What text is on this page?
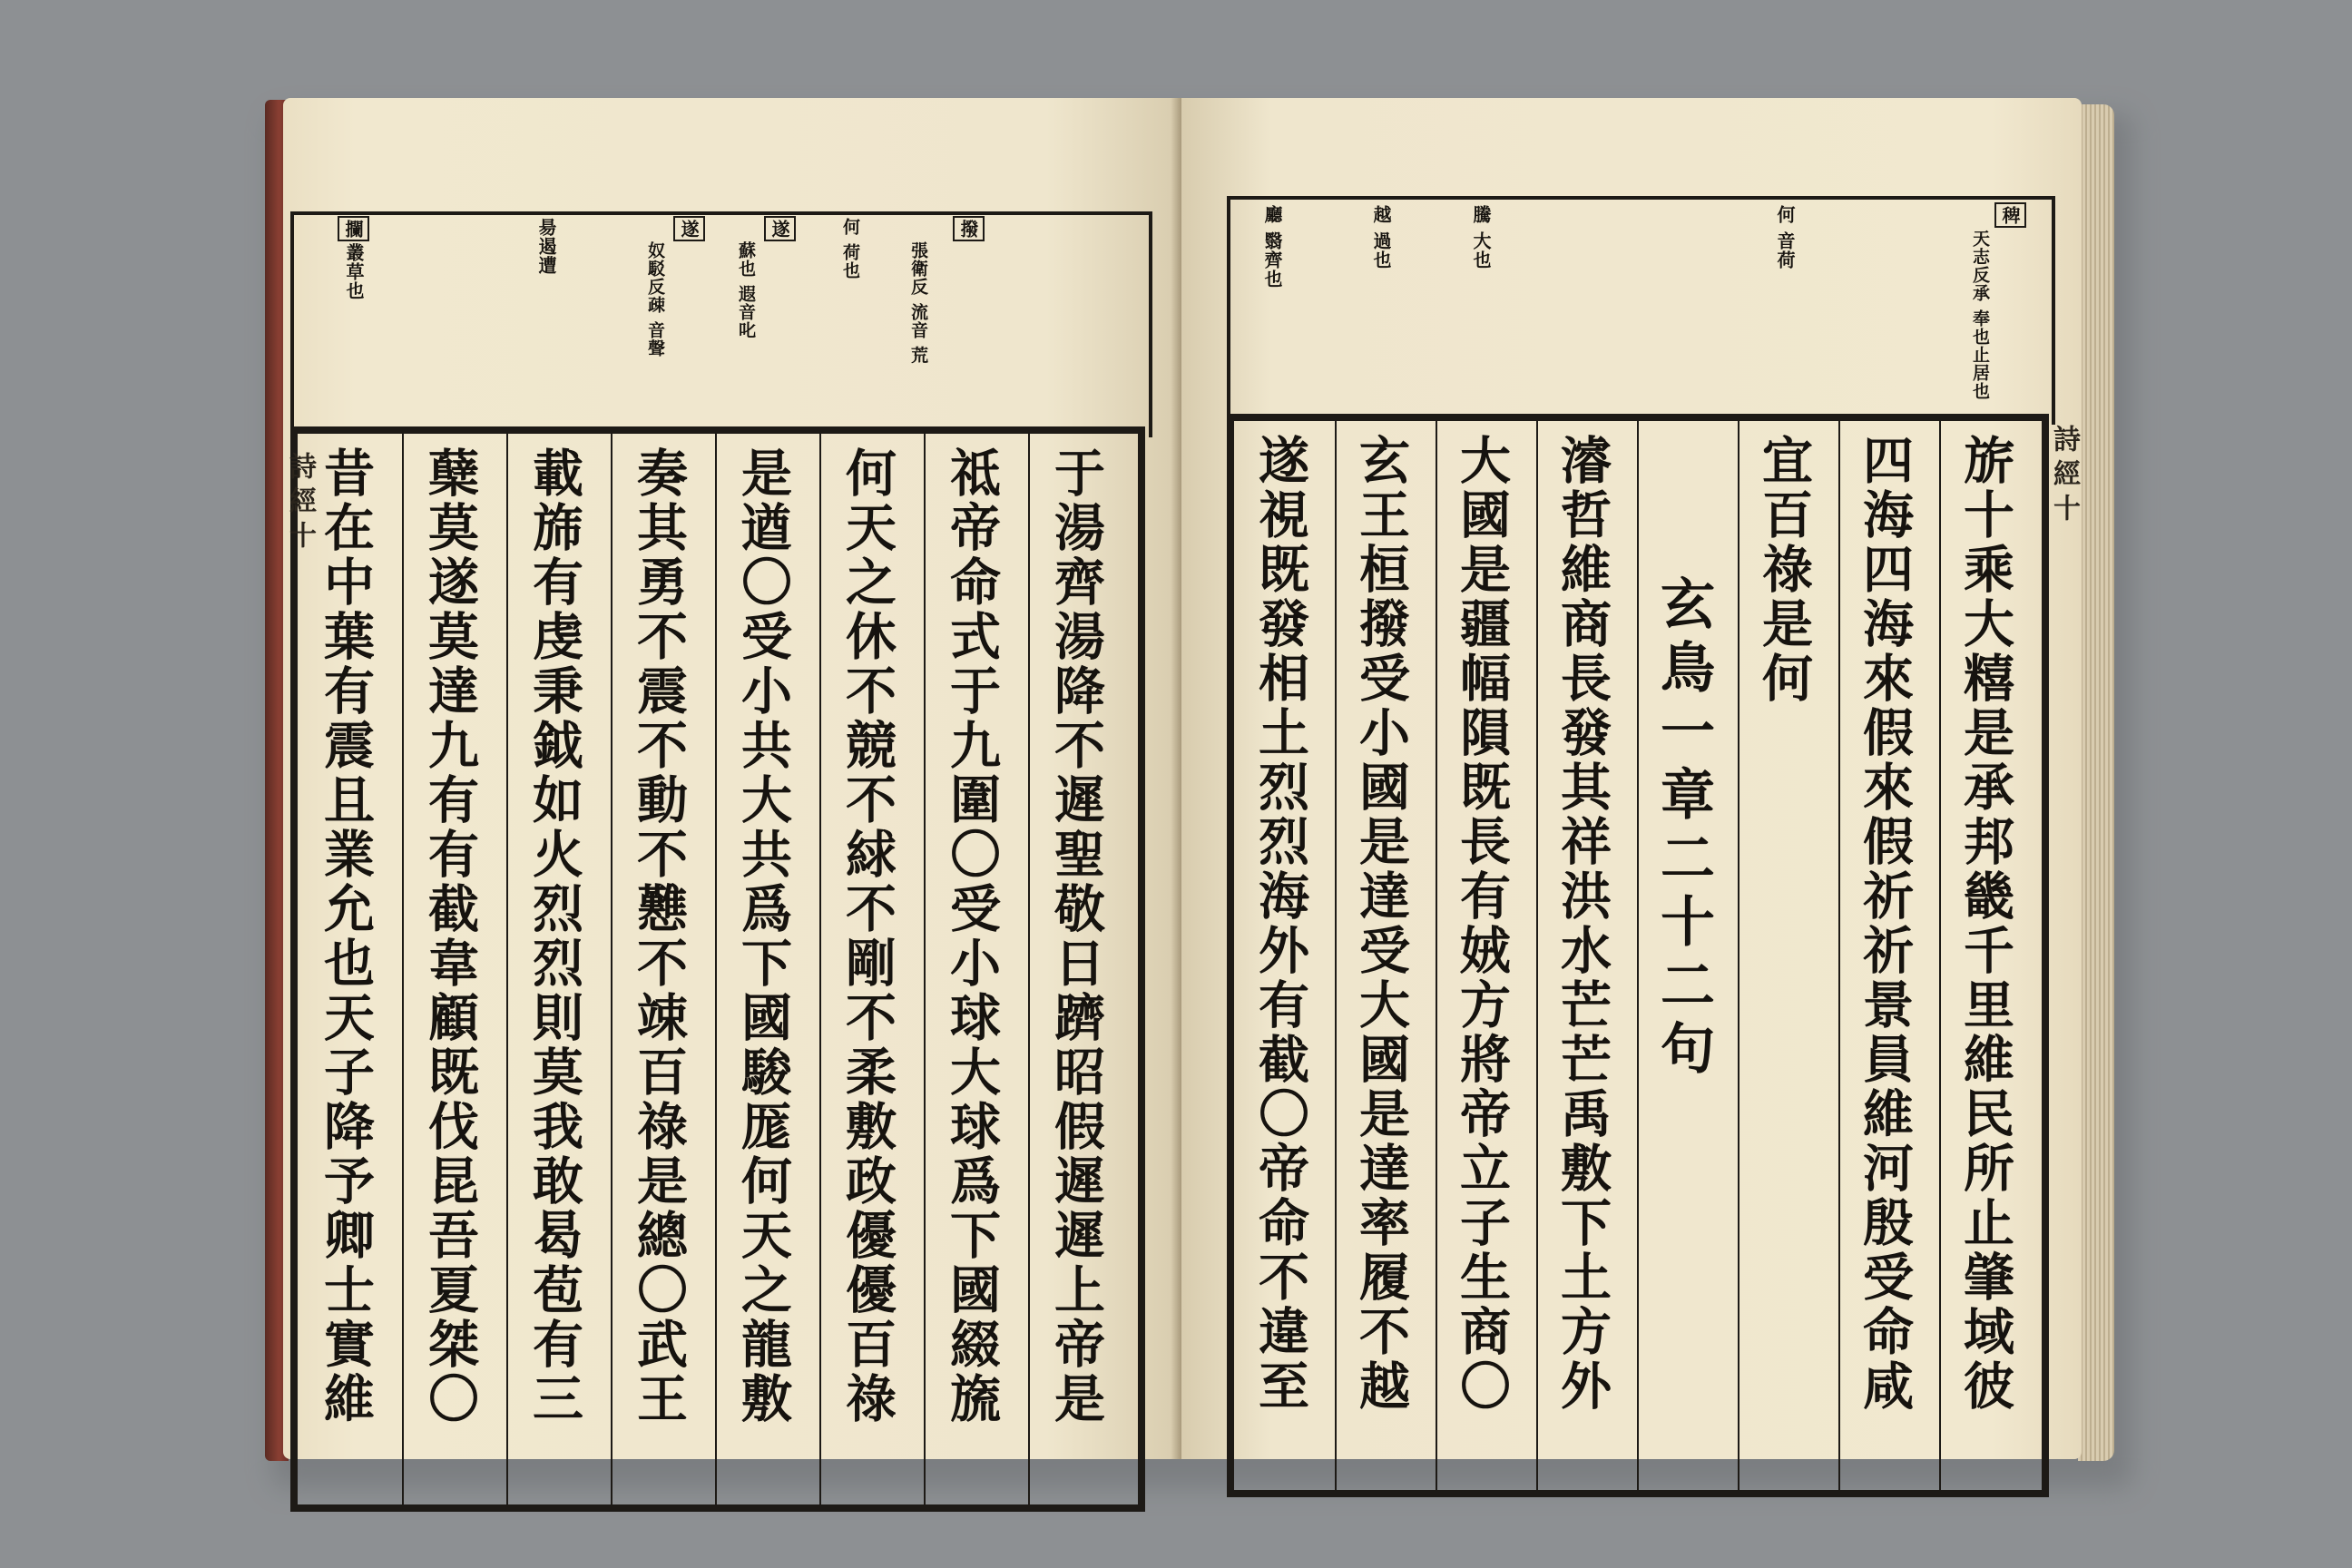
攔
叢草也	昜遏遭	遂
奴駁反疎 音聲
遂
蘇也 遐音叱	何 荷也	撥
張衛反 流音 荒
于湯齊湯降不遲聖敬日躋昭假遲遲上帝是
祗帝命式于九圍〇受小球大球爲下國綴旒
何天之休不競不絿不剛不柔敷政優優百祿
是遒〇受小共大共爲下國駿厖何天之龍敷
奏其勇不震不動不戁不竦百祿是總〇武王
載旆有虔秉鉞如火烈烈則莫我敢曷苞有三
蘖莫遂莫達九有有截韋顧既伐昆吾夏桀〇
昔在中葉有震且業允也天子降予卿士實維
詩經十
稗
天志反承 奉也止居也
何 音荷
騰 大也
越 過也
廳 翳齊也
旂十乘大糦是承邦畿千里維民所止肇域彼
四海四海來假來假祈祈景員維河殷受命咸
宜百祿是何
玄鳥一章二十二句
濬哲維商長發其祥洪水芒芒禹敷下土方外
大國是疆幅隕既長有娀方將帝立子生商〇
玄王桓撥受小國是達受大國是達率履不越
遂視既發相土烈烈海外有截〇帝命不違至	詩經十
